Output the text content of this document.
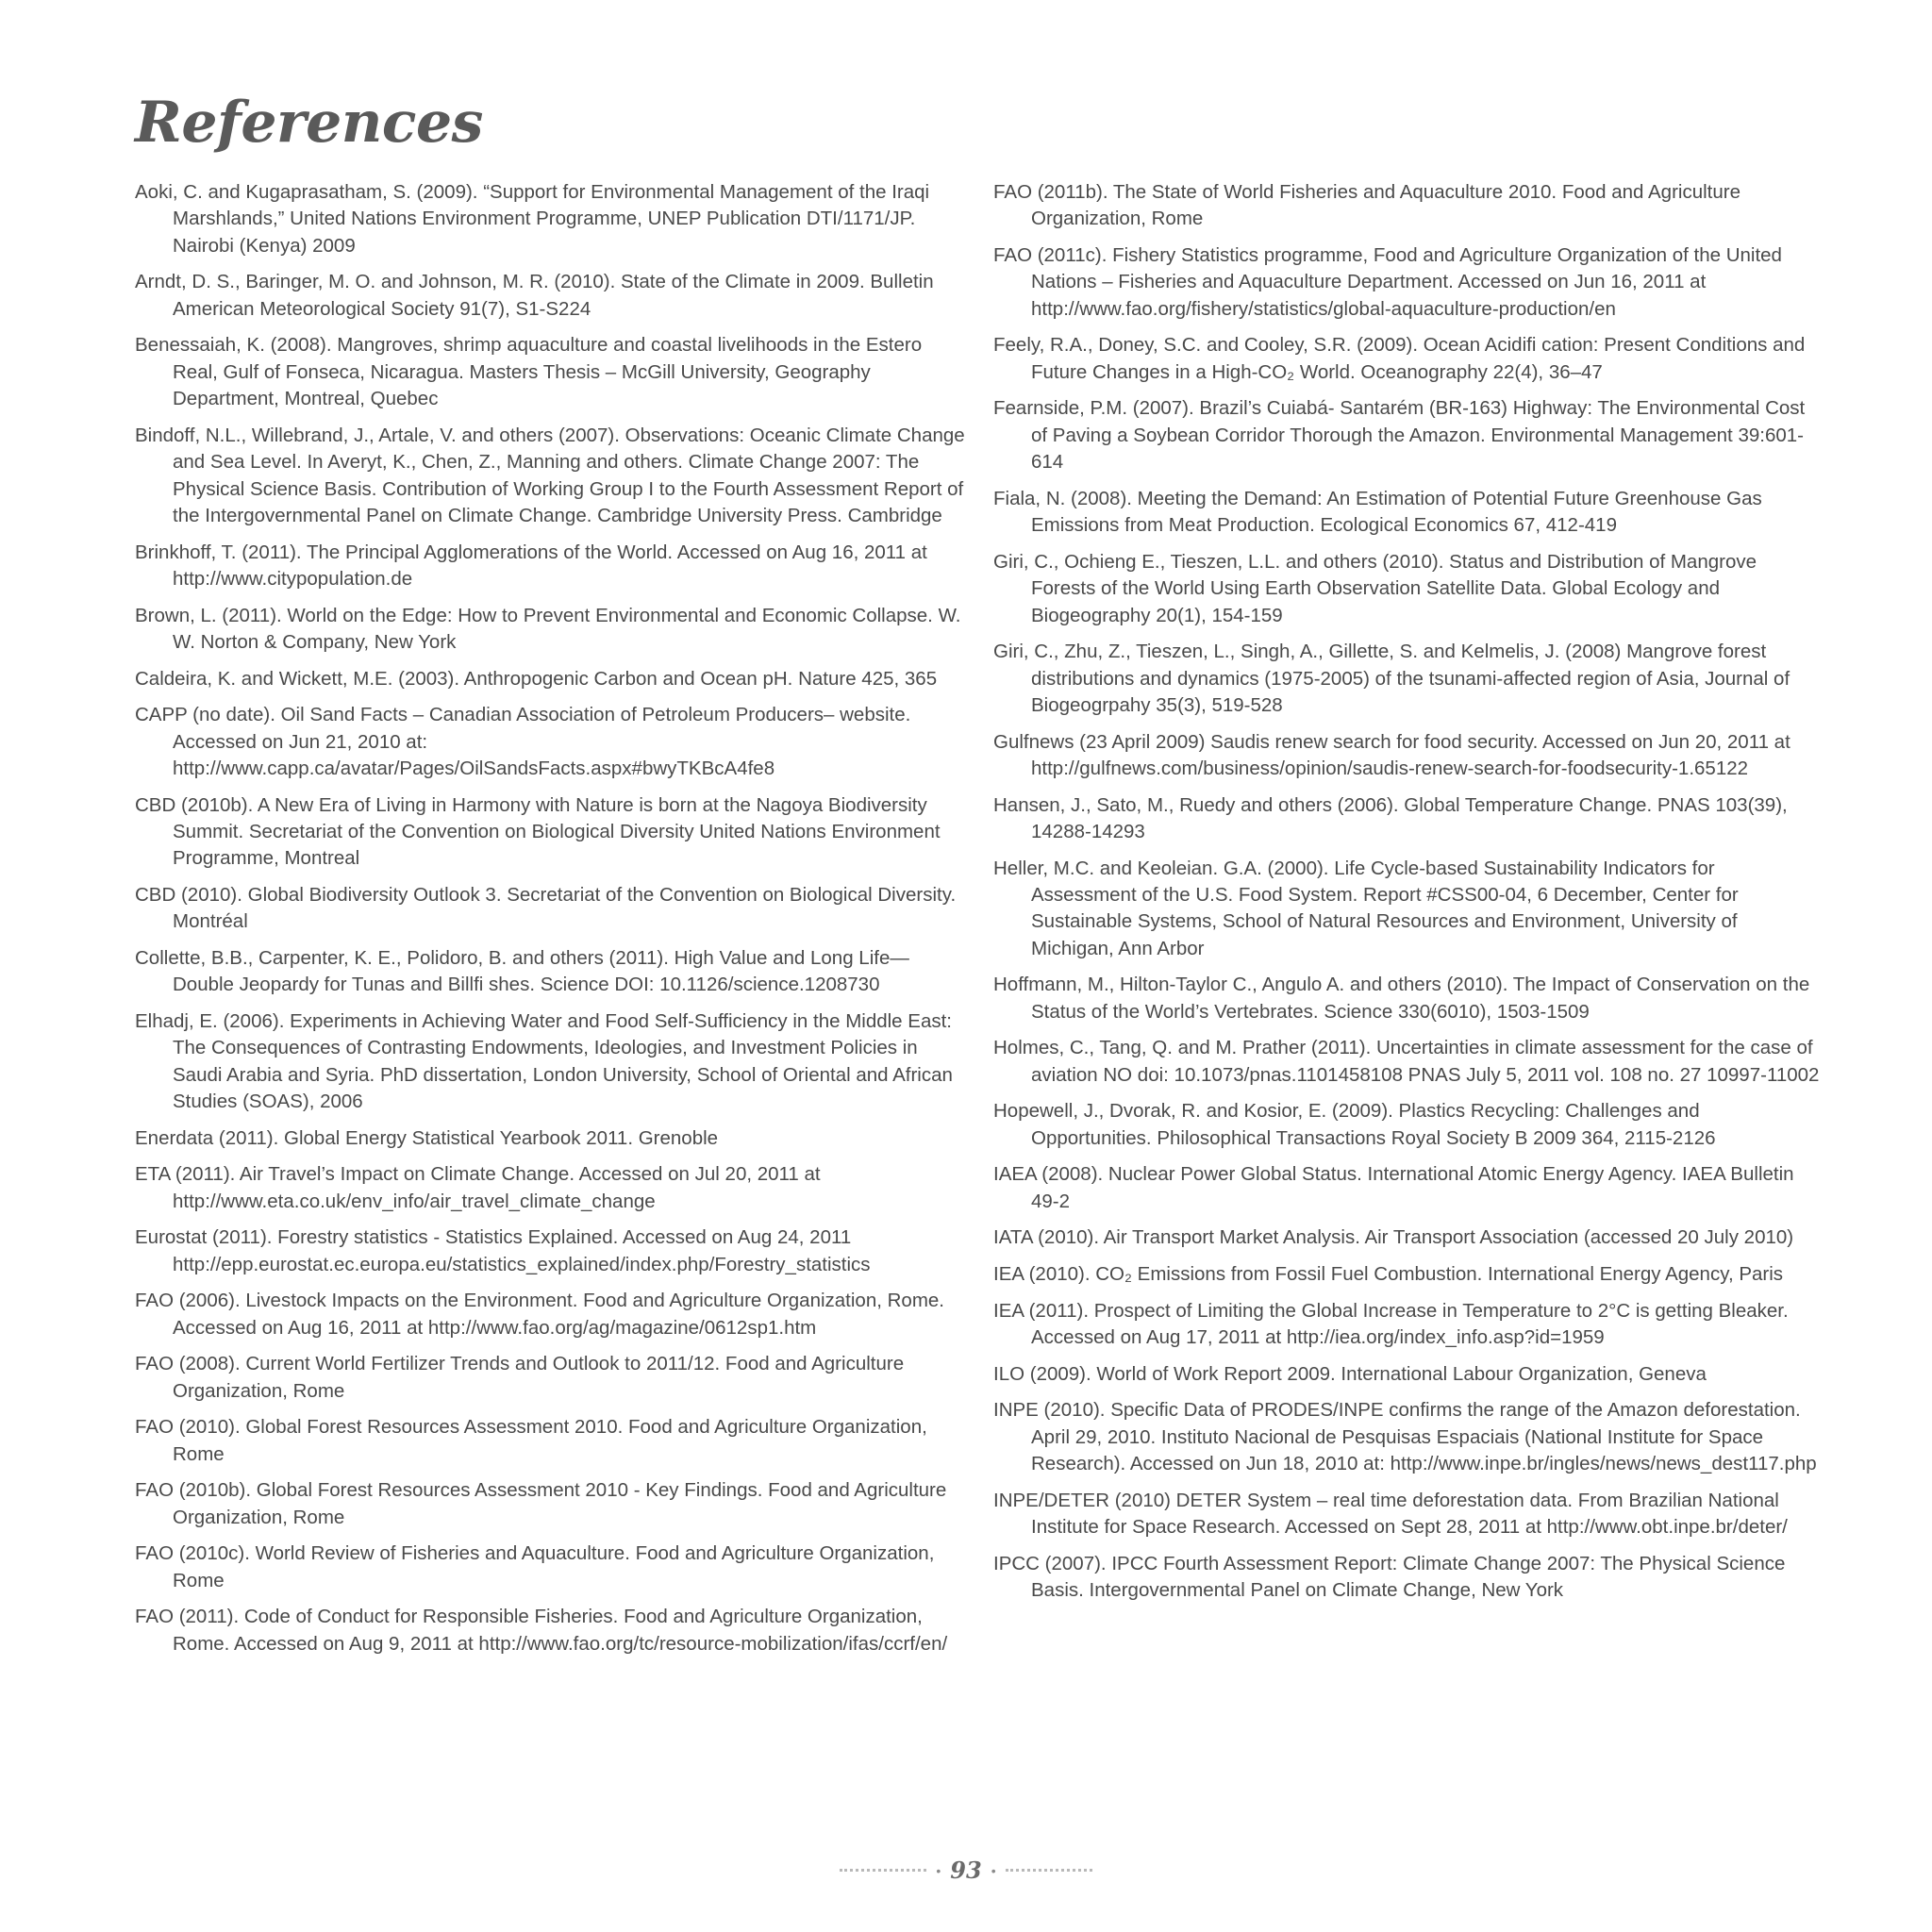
References

Aoki, C. and Kugaprasatham, S. (2009). “Support for Environmental Management of the Iraqi Marshlands,” United Nations Environment Programme, UNEP Publication DTI/1171/JP. Nairobi (Kenya) 2009

Arndt, D. S., Baringer, M. O. and Johnson, M. R. (2010). State of the Climate in 2009. Bulletin American Meteorological Society 91(7), S1-S224

Benessaiah, K. (2008). Mangroves, shrimp aquaculture and coastal livelihoods in the Estero Real, Gulf of Fonseca, Nicaragua. Masters Thesis – McGill University, Geography Department, Montreal, Quebec

Bindoff, N.L., Willebrand, J., Artale, V. and others (2007). Observations: Oceanic Climate Change and Sea Level. In Averyt, K., Chen, Z., Manning and others. Climate Change 2007: The Physical Science Basis. Contribution of Working Group I to the Fourth Assessment Report of the Intergovernmental Panel on Climate Change. Cambridge University Press. Cambridge

Brinkhoff, T. (2011). The Principal Agglomerations of the World. Accessed on Aug 16, 2011 at http://www.citypopulation.de

Brown, L. (2011). World on the Edge: How to Prevent Environmental and Economic Collapse. W. W. Norton & Company, New York

Caldeira, K. and Wickett, M.E. (2003). Anthropogenic Carbon and Ocean pH. Nature 425, 365

CAPP (no date). Oil Sand Facts – Canadian Association of Petroleum Producers– website. Accessed on Jun 21, 2010 at: http://www.capp.ca/avatar/Pages/OilSandsFacts.aspx#bwyTKBcA4fe8

CBD (2010b). A New Era of Living in Harmony with Nature is born at the Nagoya Biodiversity Summit. Secretariat of the Convention on Biological Diversity United Nations Environment Programme, Montreal

CBD (2010). Global Biodiversity Outlook 3. Secretariat of the Convention on Biological Diversity. Montréal

Collette, B.B., Carpenter, K. E., Polidoro, B. and others (2011). High Value and Long Life—Double Jeopardy for Tunas and Billfi shes. Science DOI: 10.1126/science.1208730

Elhadj, E. (2006). Experiments in Achieving Water and Food Self-Sufficiency in the Middle East: The Consequences of Contrasting Endowments, Ideologies, and Investment Policies in Saudi Arabia and Syria. PhD dissertation, London University, School of Oriental and African Studies (SOAS), 2006

Enerdata (2011). Global Energy Statistical Yearbook 2011. Grenoble

ETA (2011). Air Travel’s Impact on Climate Change. Accessed on Jul 20, 2011 at http://www.eta.co.uk/env_info/air_travel_climate_change

Eurostat (2011). Forestry statistics - Statistics Explained. Accessed on Aug 24, 2011 http://epp.eurostat.ec.europa.eu/statistics_explained/index.php/Forestry_statistics

FAO (2006). Livestock Impacts on the Environment. Food and Agriculture Organization, Rome. Accessed on Aug 16, 2011 at http://www.fao.org/ag/magazine/0612sp1.htm

FAO (2008). Current World Fertilizer Trends and Outlook to 2011/12. Food and Agriculture Organization, Rome

FAO (2010). Global Forest Resources Assessment 2010. Food and Agriculture Organization, Rome

FAO (2010b). Global Forest Resources Assessment 2010 - Key Findings. Food and Agriculture Organization, Rome

FAO (2010c). World Review of Fisheries and Aquaculture. Food and Agriculture Organization, Rome

FAO (2011). Code of Conduct for Responsible Fisheries. Food and Agriculture Organization, Rome. Accessed on Aug 9, 2011 at http://www.fao.org/tc/resource-mobilization/ifas/ccrf/en/

FAO (2011b). The State of World Fisheries and Aquaculture 2010. Food and Agriculture Organization, Rome

FAO (2011c). Fishery Statistics programme, Food and Agriculture Organization of the United Nations – Fisheries and Aquaculture Department. Accessed on Jun 16, 2011 at http://www.fao.org/fishery/statistics/global-aquaculture-production/en

Feely, R.A., Doney, S.C. and Cooley, S.R. (2009). Ocean Acidifi cation: Present Conditions and Future Changes in a High-CO₂ World. Oceanography 22(4), 36–47

Fearnside, P.M. (2007). Brazil’s Cuiabá- Santarém (BR-163) Highway: The Environmental Cost of Paving a Soybean Corridor Thorough the Amazon. Environmental Management 39:601-614

Fiala, N. (2008). Meeting the Demand: An Estimation of Potential Future Greenhouse Gas Emissions from Meat Production. Ecological Economics 67, 412-419

Giri, C., Ochieng E., Tieszen, L.L. and others (2010). Status and Distribution of Mangrove Forests of the World Using Earth Observation Satellite Data. Global Ecology and Biogeography 20(1), 154-159

Giri, C., Zhu, Z., Tieszen, L., Singh, A., Gillette, S. and Kelmelis, J. (2008) Mangrove forest distributions and dynamics (1975-2005) of the tsunami-affected region of Asia, Journal of Biogeogrpahy 35(3), 519-528

Gulfnews (23 April 2009) Saudis renew search for food security. Accessed on Jun 20, 2011 at http://gulfnews.com/business/opinion/saudis-renew-search-for-foodsecurity-1.65122

Hansen, J., Sato, M., Ruedy and others (2006). Global Temperature Change. PNAS 103(39), 14288-14293

Heller, M.C. and Keoleian. G.A. (2000). Life Cycle-based Sustainability Indicators for Assessment of the U.S. Food System. Report #CSS00-04, 6 December, Center for Sustainable Systems, School of Natural Resources and Environment, University of Michigan, Ann Arbor

Hoffmann, M., Hilton-Taylor C., Angulo A. and others (2010). The Impact of Conservation on the Status of the World’s Vertebrates. Science 330(6010), 1503-1509

Holmes, C., Tang, Q. and M. Prather (2011). Uncertainties in climate assessment for the case of aviation NO doi: 10.1073/pnas.1101458108 PNAS July 5, 2011 vol. 108 no. 27 10997-11002

Hopewell, J., Dvorak, R. and Kosior, E. (2009). Plastics Recycling: Challenges and Opportunities. Philosophical Transactions Royal Society B 2009 364, 2115-2126

IAEA (2008). Nuclear Power Global Status. International Atomic Energy Agency. IAEA Bulletin 49-2

IATA (2010). Air Transport Market Analysis. Air Transport Association (accessed 20 July 2010)

IEA (2010). CO₂ Emissions from Fossil Fuel Combustion. International Energy Agency, Paris

IEA (2011). Prospect of Limiting the Global Increase in Temperature to 2°C is getting Bleaker. Accessed on Aug 17, 2011 at http://iea.org/index_info.asp?id=1959

ILO (2009). World of Work Report 2009. International Labour Organization, Geneva

INPE (2010). Specific Data of PRODES/INPE confirms the range of the Amazon deforestation. April 29, 2010. Instituto Nacional de Pesquisas Espaciais (National Institute for Space Research). Accessed on Jun 18, 2010 at: http://www.inpe.br/ingles/news/news_dest117.php

INPE/DETER (2010) DETER System – real time deforestation data. From Brazilian National Institute for Space Research. Accessed on Sept 28, 2011 at http://www.obt.inpe.br/deter/

IPCC (2007). IPCC Fourth Assessment Report: Climate Change 2007: The Physical Science Basis. Intergovernmental Panel on Climate Change, New York

• 93 •
